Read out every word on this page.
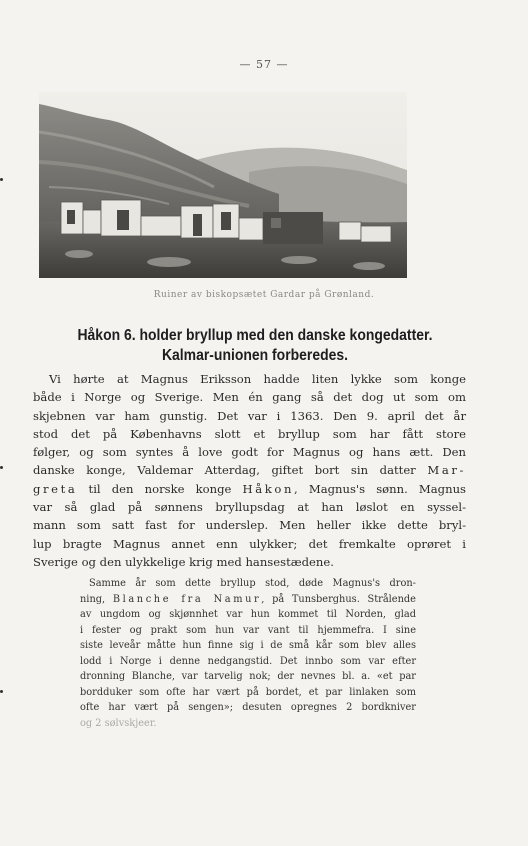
— 57 —
Ruiner av biskopsætet Gardar på Grønland.
Håkon 6. holder bryllup med den danske kongedatter.
Kalmar-unionen forberedes.
Vi hørte at Magnus Eriksson hadde liten lykke som konge
både i Norge og Sverige. Men én gang så det dog ut som om
skjebnen var ham gunstig. Det var i 1363. Den 9. april det år
stod det på Københavns slott et bryllup som har fått store
følger, og som syntes å love godt for Magnus og hans ætt. Den
danske konge, Valdemar Atterdag, giftet bort sin datter Mar-
greta til den norske konge Håkon, Magnus's sønn. Magnus
var så glad på sønnens bryllupsdag at han løslot en syssel-
mann som satt fast for underslep. Men heller ikke dette bryl-
lup bragte Magnus annet enn ulykker; det fremkalte oprøret i
Sverige og den ulykkelige krig med hansestædene.
Samme år som dette bryllup stod, døde Magnus's dron-
ning, Blanche fra Namur, på Tunsberghus. Strålende
av ungdom og skjønnhet var hun kommet til Norden, glad
i fester og prakt som hun var vant til hjemmefra. I sine
siste leveår måtte hun finne sig i de små kår som blev alles
lodd i Norge i denne nedgangstid. Det innbo som var efter
dronning Blanche, var tarvelig nok; der nevnes bl. a. «et par
bordduker som ofte har vært på bordet, et par linlaken som
ofte har vært på sengen»; desuten opregnes 2 bordkniver
og 2 sølvskjeer.
